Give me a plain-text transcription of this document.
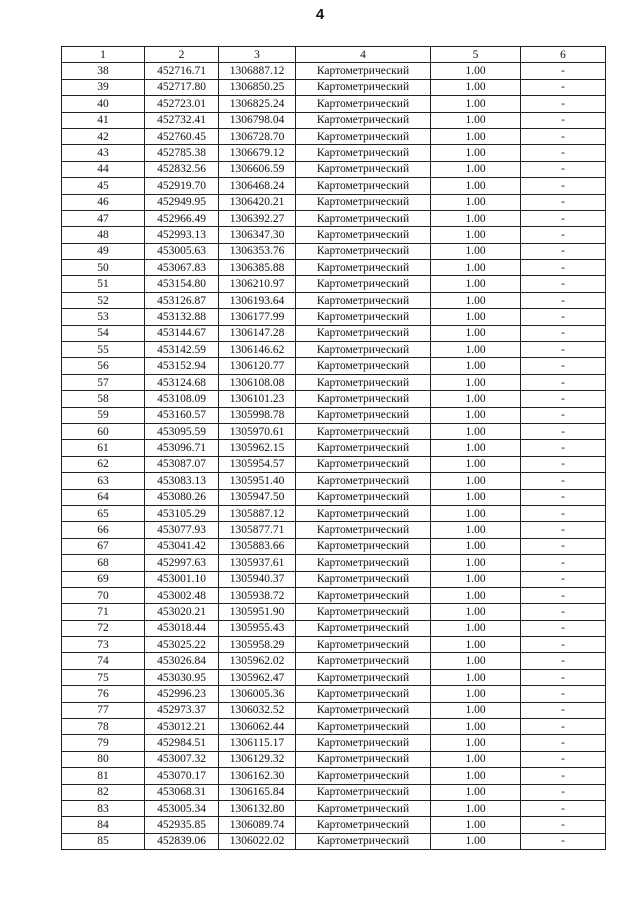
4
1	2	3	4	5	6
38	452716.71	1306887.12	Картометрический	1.00	-
39	452717.80	1306850.25	Картометрический	1.00	-
40	452723.01	1306825.24	Картометрический	1.00	-
41	452732.41	1306798.04	Картометрический	1.00	-
42	452760.45	1306728.70	Картометрический	1.00	-
43	452785.38	1306679.12	Картометрический	1.00	-
44	452832.56	1306606.59	Картометрический	1.00	-
45	452919.70	1306468.24	Картометрический	1.00	-
46	452949.95	1306420.21	Картометрический	1.00	-
47	452966.49	1306392.27	Картометрический	1.00	-
48	452993.13	1306347.30	Картометрический	1.00	-
49	453005.63	1306353.76	Картометрический	1.00	-
50	453067.83	1306385.88	Картометрический	1.00	-
51	453154.80	1306210.97	Картометрический	1.00	-
52	453126.87	1306193.64	Картометрический	1.00	-
53	453132.88	1306177.99	Картометрический	1.00	-
54	453144.67	1306147.28	Картометрический	1.00	-
55	453142.59	1306146.62	Картометрический	1.00	-
56	453152.94	1306120.77	Картометрический	1.00	-
57	453124.68	1306108.08	Картометрический	1.00	-
58	453108.09	1306101.23	Картометрический	1.00	-
59	453160.57	1305998.78	Картометрический	1.00	-
60	453095.59	1305970.61	Картометрический	1.00	-
61	453096.71	1305962.15	Картометрический	1.00	-
62	453087.07	1305954.57	Картометрический	1.00	-
63	453083.13	1305951.40	Картометрический	1.00	-
64	453080.26	1305947.50	Картометрический	1.00	-
65	453105.29	1305887.12	Картометрический	1.00	-
66	453077.93	1305877.71	Картометрический	1.00	-
67	453041.42	1305883.66	Картометрический	1.00	-
68	452997.63	1305937.61	Картометрический	1.00	-
69	453001.10	1305940.37	Картометрический	1.00	-
70	453002.48	1305938.72	Картометрический	1.00	-
71	453020.21	1305951.90	Картометрический	1.00	-
72	453018.44	1305955.43	Картометрический	1.00	-
73	453025.22	1305958.29	Картометрический	1.00	-
74	453026.84	1305962.02	Картометрический	1.00	-
75	453030.95	1305962.47	Картометрический	1.00	-
76	452996.23	1306005.36	Картометрический	1.00	-
77	452973.37	1306032.52	Картометрический	1.00	-
78	453012.21	1306062.44	Картометрический	1.00	-
79	452984.51	1306115.17	Картометрический	1.00	-
80	453007.32	1306129.32	Картометрический	1.00	-
81	453070.17	1306162.30	Картометрический	1.00	-
82	453068.31	1306165.84	Картометрический	1.00	-
83	453005.34	1306132.80	Картометрический	1.00	-
84	452935.85	1306089.74	Картометрический	1.00	-
85	452839.06	1306022.02	Картометрический	1.00	-
